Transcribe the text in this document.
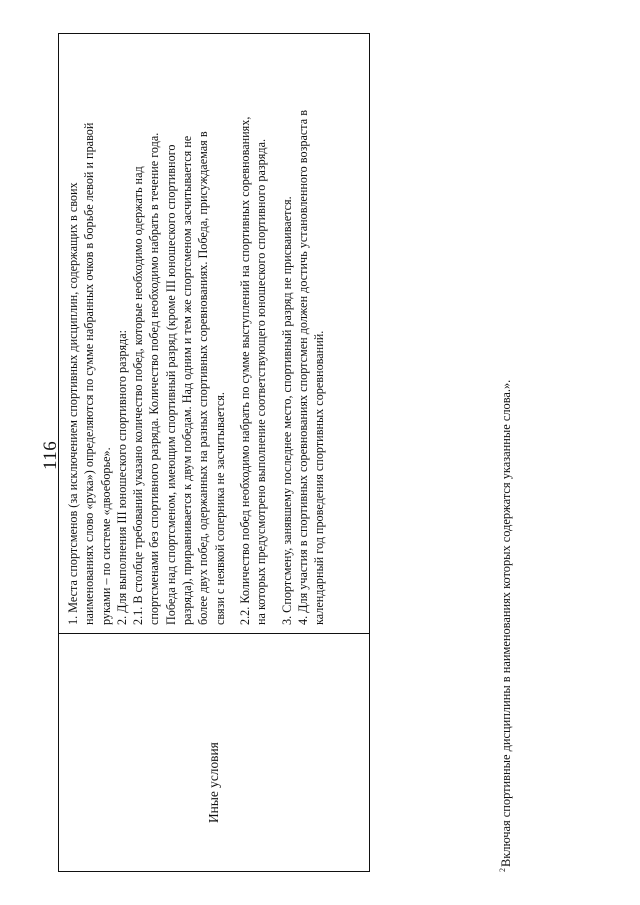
116
Иные условия
1. Места спортсменов (за исключением спортивных дисциплин, содержащих в своих наименованиях слово «рука») определяются по сумме набранных очков в борьбе левой и правой руками – по системе «двоеборье». 2. Для выполнения III юношеского спортивного разряда: 2.1. В столбце требований указано количество побед, которые необходимо одержать над спортсменами без спортивного разряда. Количество побед необходимо набрать в течение года. Победа над спортсменом, имеющим спортивный разряд (кроме III юношеского спортивного разряда), приравнивается к двум победам. Над одним и тем же спортсменом засчитывается не более двух побед, одержанных на разных спортивных соревнованиях. Победа, присуждаемая в связи с неявкой соперника не засчитывается. 2.2. Количество побед необходимо набрать по сумме выступлений на спортивных соревнованиях, на которых предусмотрено выполнение соответствующего юношеского спортивного разряда. 3. Спортсмену, занявшему последнее место, спортивный разряд не присваивается. 4. Для участия в спортивных соревнованиях спортсмен должен достичь установленного возраста в календарный год проведения спортивных соревнований.
$^2$Включая спортивные дисциплины в наименованиях которых содержатся указанные слова.».
